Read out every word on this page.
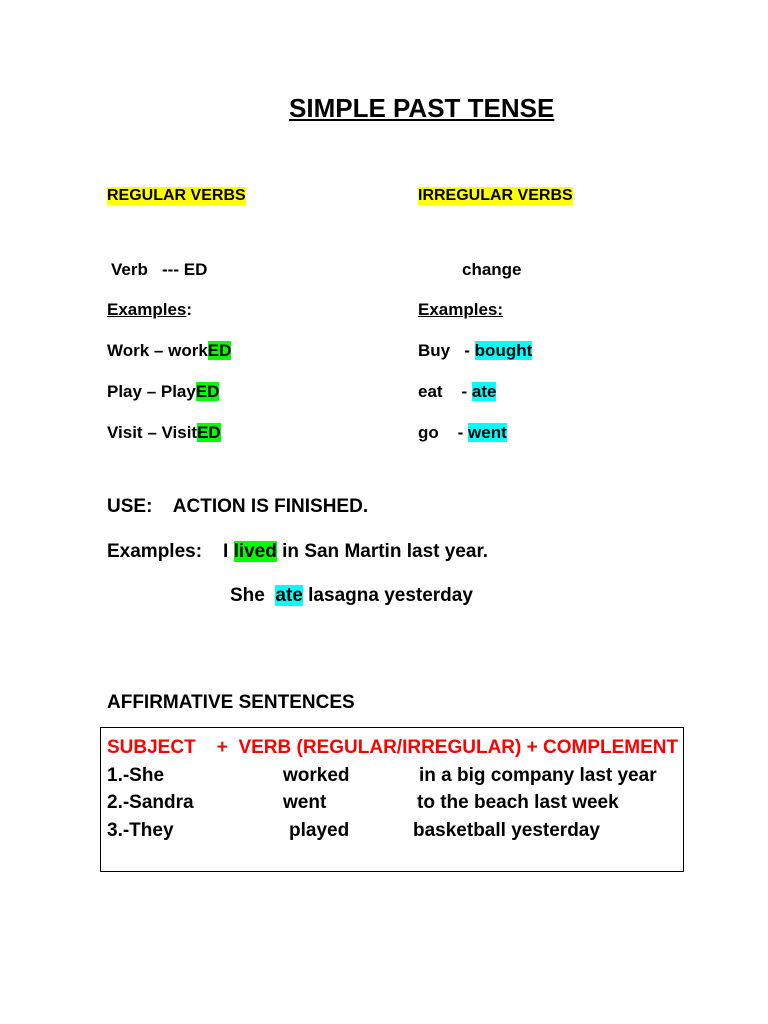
SIMPLE PAST TENSE
REGULAR VERBS
Verb   --- ED
Examples:
Work – workED
Play – PlayED
Visit – VisitED
IRREGULAR VERBS
change
Examples:
Buy   - bought
eat    - ate
go    - went
USE:    ACTION IS FINISHED.
Examples: I lived in San Martin last year.
She  ate lasagna yesterday
AFFIRMATIVE SENTENCES
SUBJECT    +  VERB (REGULAR/IRREGULAR) + COMPLEMENT
1.-She	worked	in a big company last year
2.-Sandra	went	to the beach last week
3.-They	played	basketball yesterday
